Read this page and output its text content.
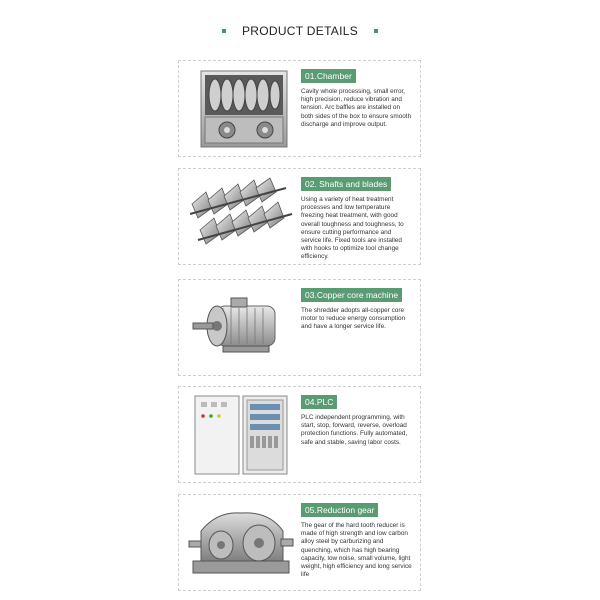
PRODUCT DETAILS
01.Chamber

Cavity whole processing, small error, high precision, reduce vibration and tension. Arc baffles are installed on both sides of the box to ensure smooth discharge and improve output.

02. Shafts and blades

Using a variety of heat treatment processes and low temperature freezing heat treatment, with good overall toughness and toughness, to ensure cutting performance and service life. Fixed tools are installed with hooks to optimize tool change efficiency.

03.Copper core machine

The shredder adopts all-copper core motor to reduce energy consumption and have a longer service life.

04.PLC

PLC independent programming, with start, stop, forward, reverse, overload protection functions. Fully automated, safe and stable, saving labor costs.

05.Reduction gear

The gear of the hard tooth reducer is made of high strength and low carbon alloy steel by carburizing and quenching, which has high bearing capacity, low noise, small volume, light weight, high efficiency and long service life
